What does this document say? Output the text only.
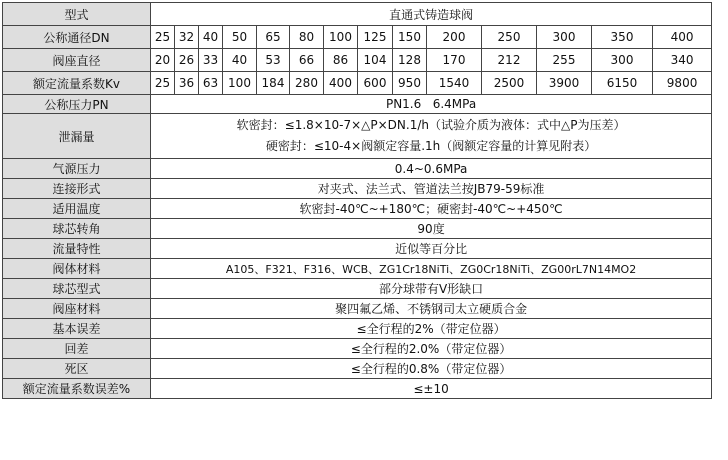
型式	直通式铸造球阀													
公称通径DN	25	32	40	50	65	80	100	125	150	200	250	300	350	400
阀座直径	20	26	33	40	53	66	86	104	128	170	212	255	300	340
额定流量系数Kv	25	36	63	100	184	280	400	600	950	1540	2500	3900	6150	9800
公称压力PN	PN1.6   6.4MPa													
泄漏量	软密封：≤1.8×10-7×△P×DN.1/h（试验介质为液体：式中△P为压差）
硬密封：≤10-4×阀额定容量.1h（阀额定容量的计算见附表）													

气源压力	0.4~0.6MPa													
连接形式	对夹式、法兰式、管道法兰按JB79-59标准													
适用温度	软密封-40℃~+180℃；硬密封-40℃~+450℃													
球芯转角	90度													
流量特性	近似等百分比													
阀体材料	A105、F321、F316、WCB、ZG1Cr18NiTi、ZG0Cr18NiTi、ZG00rL7N14MO2													
球芯型式	部分球带有V形缺口													
阀座材料	聚四氟乙烯、不锈钢司太立硬质合金													
基本误差	≤全行程的2%（带定位器）													
回差	≤全行程的2.0%（带定位器）													
死区	≤全行程的0.8%（带定位器）													
额定流量系数误差%	≤±10													
